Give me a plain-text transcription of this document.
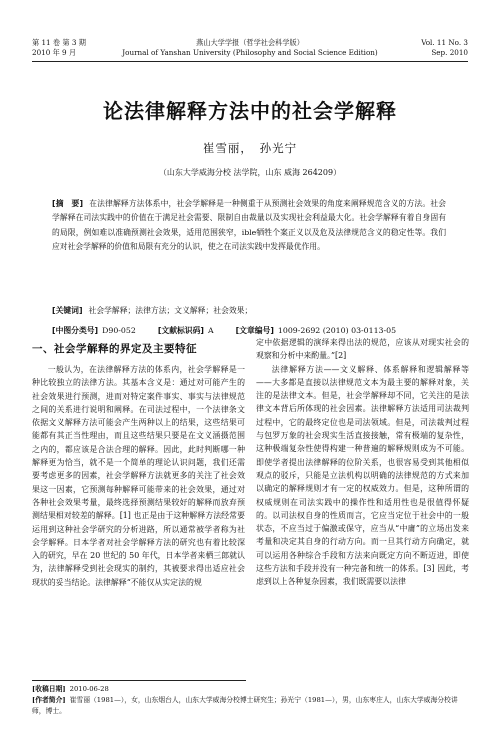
第 11 卷 第 3 期	燕山大学学报（哲学社会科学版）	Vol. 11 No. 3
2010 年 9 月	Journal of Yanshan University (Philosophy and Social Science Edition)	Sep. 2010
论法律解释方法中的社会学解释
崔雪丽，　孙光宁
（山东大学威海分校 法学院，山东 威海 264209）
[摘　要] 在法律解释方法体系中，社会学解释是一种侧重于从预测社会效果的角度来阐释规范含义的方法。社会学解释在司法实践中的价值在于满足社会需要、限制自由裁量以及实现社会利益最大化。社会学解释有着自身固有的局限，例如难以准确预测社会效果，适用范围狭窄，ible牺牲个案正义以及危及法律规范含义的稳定性等。我们应对社会学解释的价值和局限有充分的认识，使之在司法实践中发挥最优作用。
[关键词] 社会学解释；法律方法；文义解释；社会效果；
[中图分类号] D90-052	[文献标识码] A	[文章编号] 1009-2692 (2010) 03-0113-05
一、社会学解释的界定及主要特征

一般认为，在法律解释方法的体系内，社会学解释是一种比较独立的法律方法。其基本含义是：通过对可能产生的社会效果进行预测，进而对特定案件事实、事实与法律规范之间的关系进行说明和阐释。在司法过程中，一个法律条文依据文义解释方法可能会产生两种以上的结果，这些结果可能都有其正当性理由，而且这些结果只要是在文义涵摄范围之内的，都应该是合法合理的解释。因此，此时判断哪一种解释更为恰当，就不是一个简单的理论认识问题，我们还需要考虑更多的因素，社会学解释方法就更多的关注了社会效果这一因素，它预测每种解释可能带来的社会效果，通过对各种社会效果考量，最终选择预测结果较好的解释而放弃预测结果相对较差的解释。[1] 也正是由于这种解释方法经常要运用到这种社会学研究的分析进路，所以通常被学者称为社会学解释。日本学者对社会学解释方法的研究也有着比较深入的研究，早在 20 世纪的 50 年代，日本学者来栖三郎就认为，法律解释受到社会现实的制约，其被要求得出适应社会现状的妥当结论。法律解释“不能仅从实定法的规

定中依据逻辑的演绎来得出法的规范，应该从对现实社会的观察和分析中来酌量。”[2]

法律解释方法——文义解释、体系解释和逻辑解释等——大多都是直接以法律规范文本为最主要的解释对象，关注的是法律文本。但是，社会学解释却不同，它关注的是法律文本背后所体现的社会因素。法律解释方法适用司法裁判过程中，它的最终定位也是司法领域。但是，司法裁判过程与包罗万象的社会现实生活直接接触，常有极端的复杂性，这种极端复杂性使得构建一种普遍的解释规则成为不可能。即使学者提出法律解释的位阶关系，也很容易受到其他相似观点的驳斥，只能是立法机构以明确的法律规范的方式来加以确定的解释规则才有一定的权威效力。但是，这种所谓的权威规则在司法实践中的操作性和适用性也是很值得怀疑的。以司法权自身的性质而言，它应当定位于社会中的一般状态，不应当过于偏激或保守，应当从“中庸”的立场出发来考量和决定其自身的行动方向。而一旦其行动方向确定，就可以运用各种综合手段和方法来向既定方向不断迈进，即使这些方法和手段并没有一种完备和统一的体系。[3] 因此，考虑到以上各种复杂因素，我们既需要以法律

[收稿日期] 2010-06-28
[作者简介] 崔雪丽（1981—），女，山东烟台人，山东大学威海分校博士研究生；孙光宁（1981—），男，山东枣庄人，山东大学威海分校讲师，博士。
